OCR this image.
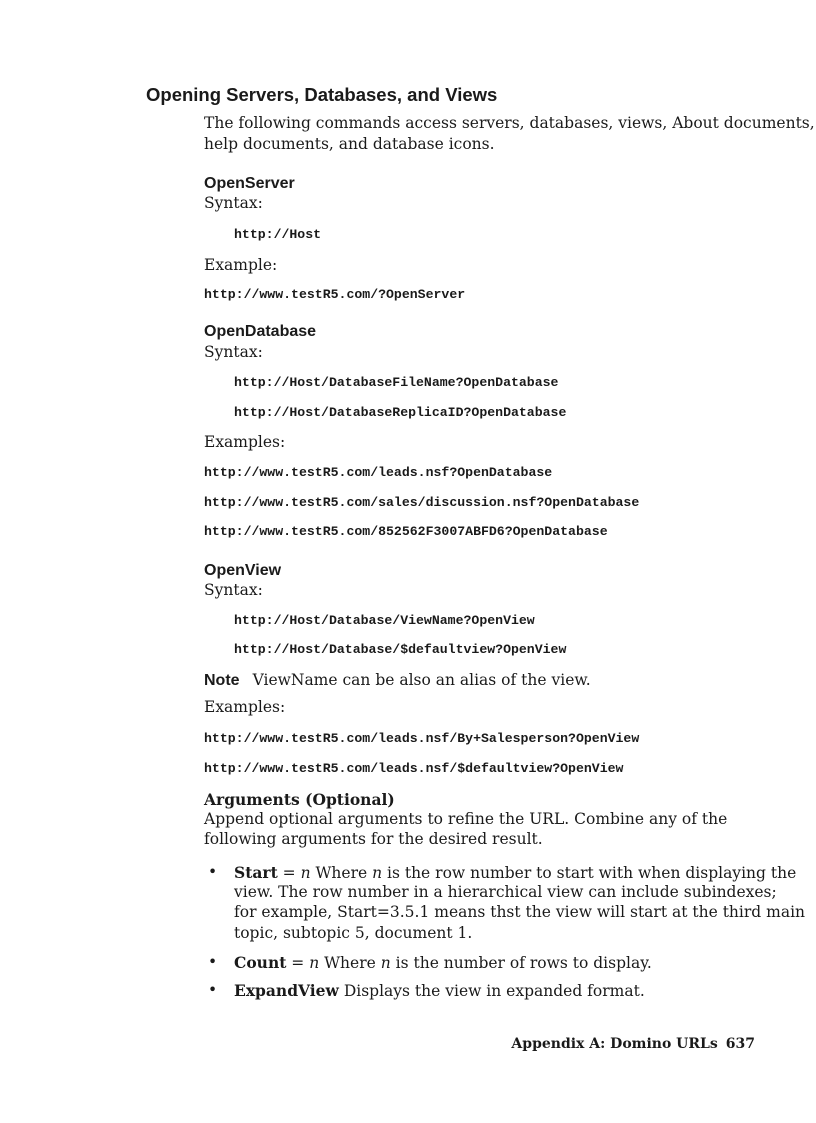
Opening Servers, Databases, and Views
The following commands access servers, databases, views, About documents,
help documents, and database icons.
OpenServer
Syntax:
http://Host
Example:
http://www.testR5.com/?OpenServer
OpenDatabase
Syntax:
http://Host/DatabaseFileName?OpenDatabase
http://Host/DatabaseReplicaID?OpenDatabase
Examples:
http://www.testR5.com/leads.nsf?OpenDatabase
http://www.testR5.com/sales/discussion.nsf?OpenDatabase
http://www.testR5.com/852562F3007ABFD6?OpenDatabase
OpenView
Syntax:
http://Host/Database/ViewName?OpenView
http://Host/Database/$defaultview?OpenView
Note ViewName can be also an alias of the view.
Examples:
http://www.testR5.com/leads.nsf/By+Salesperson?OpenView
http://www.testR5.com/leads.nsf/$defaultview?OpenView
Arguments (Optional)
Append optional arguments to refine the URL. Combine any of the
following arguments for the desired result.
• Start = n Where n is the row number to start with when displaying the
view. The row number in a hierarchical view can include subindexes;
for example, Start=3.5.1 means thst the view will start at the third main
topic, subtopic 5, document 1.
• Count = n Where n is the number of rows to display.
• ExpandView Displays the view in expanded format.
Appendix A: Domino URLs 637
